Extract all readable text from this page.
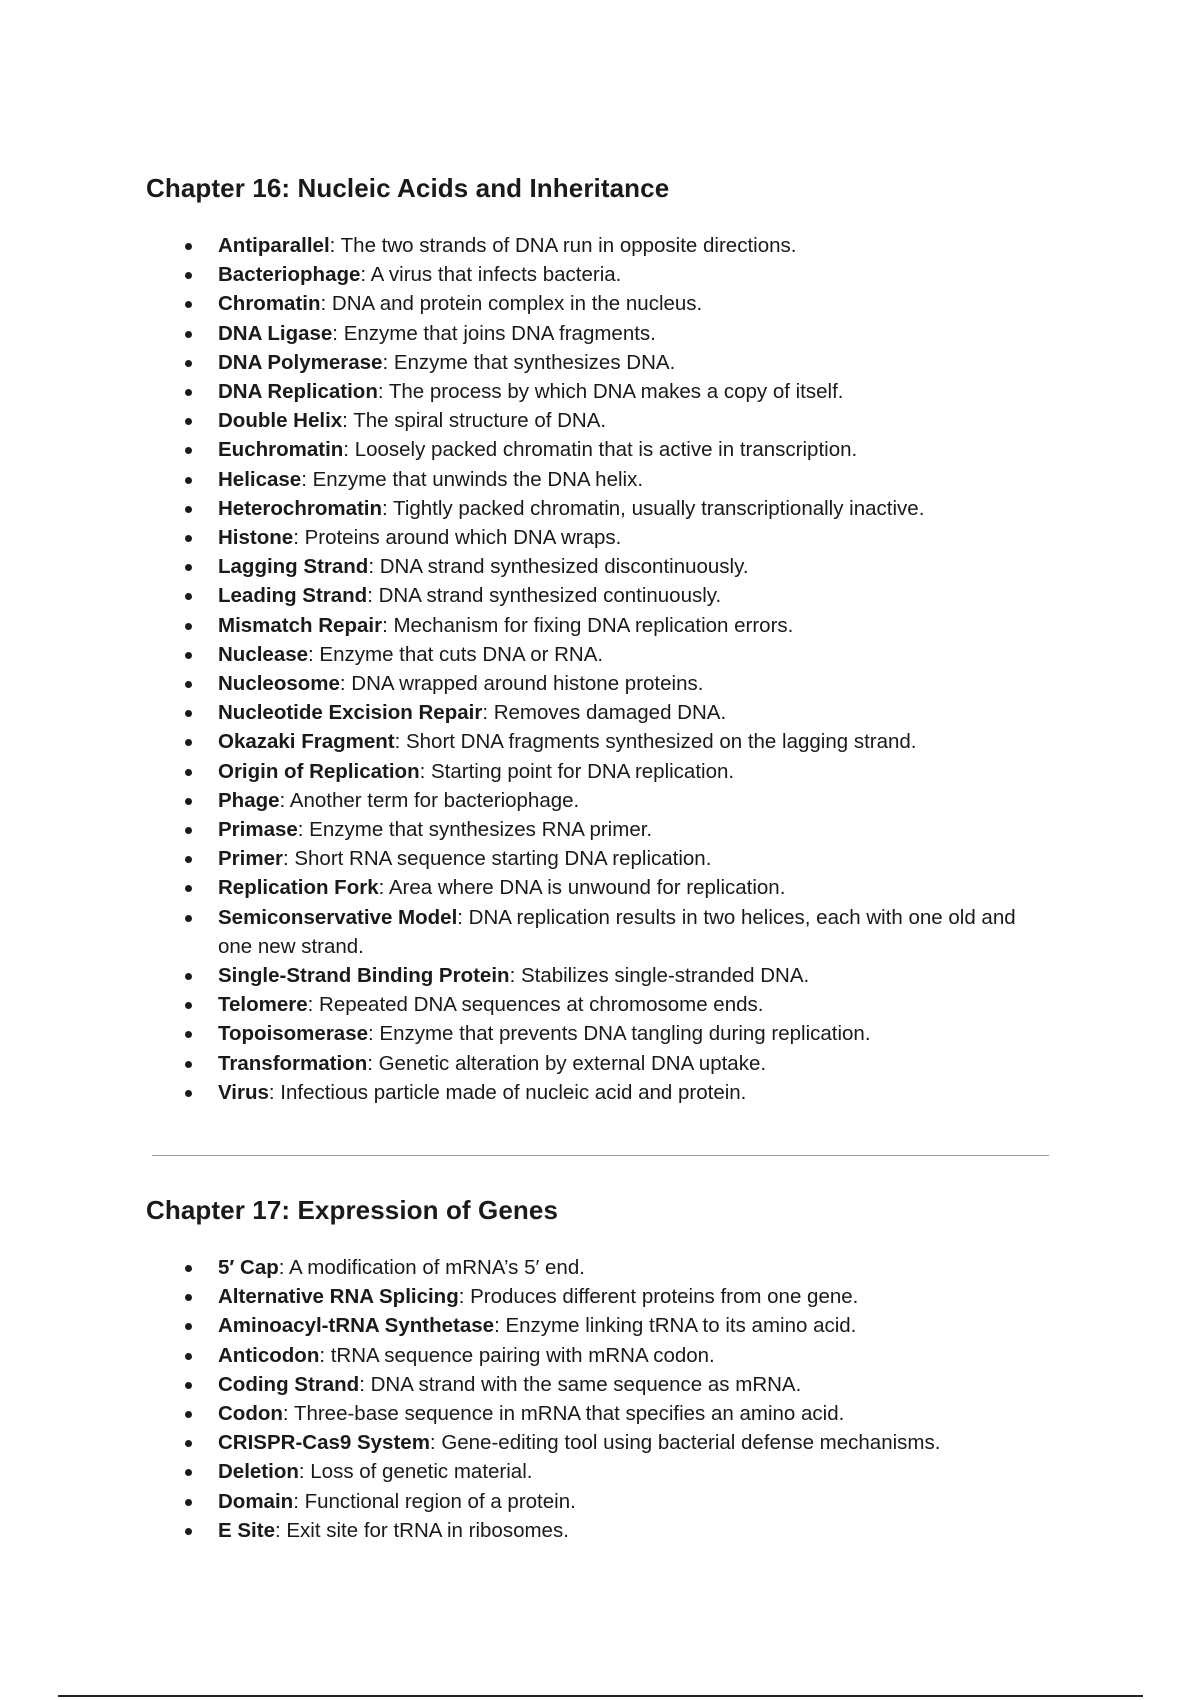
Chapter 16: Nucleic Acids and Inheritance
Antiparallel: The two strands of DNA run in opposite directions.
Bacteriophage: A virus that infects bacteria.
Chromatin: DNA and protein complex in the nucleus.
DNA Ligase: Enzyme that joins DNA fragments.
DNA Polymerase: Enzyme that synthesizes DNA.
DNA Replication: The process by which DNA makes a copy of itself.
Double Helix: The spiral structure of DNA.
Euchromatin: Loosely packed chromatin that is active in transcription.
Helicase: Enzyme that unwinds the DNA helix.
Heterochromatin: Tightly packed chromatin, usually transcriptionally inactive.
Histone: Proteins around which DNA wraps.
Lagging Strand: DNA strand synthesized discontinuously.
Leading Strand: DNA strand synthesized continuously.
Mismatch Repair: Mechanism for fixing DNA replication errors.
Nuclease: Enzyme that cuts DNA or RNA.
Nucleosome: DNA wrapped around histone proteins.
Nucleotide Excision Repair: Removes damaged DNA.
Okazaki Fragment: Short DNA fragments synthesized on the lagging strand.
Origin of Replication: Starting point for DNA replication.
Phage: Another term for bacteriophage.
Primase: Enzyme that synthesizes RNA primer.
Primer: Short RNA sequence starting DNA replication.
Replication Fork: Area where DNA is unwound for replication.
Semiconservative Model: DNA replication results in two helices, each with one old and one new strand.
Single-Strand Binding Protein: Stabilizes single-stranded DNA.
Telomere: Repeated DNA sequences at chromosome ends.
Topoisomerase: Enzyme that prevents DNA tangling during replication.
Transformation: Genetic alteration by external DNA uptake.
Virus: Infectious particle made of nucleic acid and protein.
Chapter 17: Expression of Genes
5′ Cap: A modification of mRNA’s 5′ end.
Alternative RNA Splicing: Produces different proteins from one gene.
Aminoacyl-tRNA Synthetase: Enzyme linking tRNA to its amino acid.
Anticodon: tRNA sequence pairing with mRNA codon.
Coding Strand: DNA strand with the same sequence as mRNA.
Codon: Three-base sequence in mRNA that specifies an amino acid.
CRISPR-Cas9 System: Gene-editing tool using bacterial defense mechanisms.
Deletion: Loss of genetic material.
Domain: Functional region of a protein.
E Site: Exit site for tRNA in ribosomes.
